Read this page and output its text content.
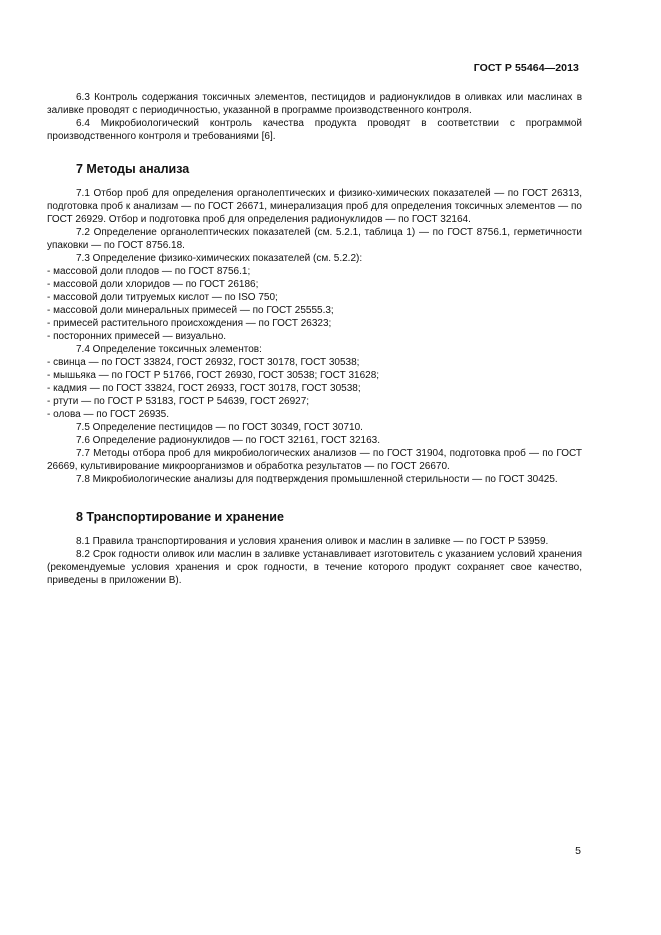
ГОСТ Р 55464—2013

6.3 Контроль содержания токсичных элементов, пестицидов и радионуклидов в оливках или маслинах в заливке проводят с периодичностью, указанной в программе производственного контроля.

6.4 Микробиологический контроль качества продукта проводят в соответствии с программой производственного контроля и требованиями [6].

7 Методы анализа

7.1 Отбор проб для определения органолептических и физико-химических показателей — по ГОСТ 26313, подготовка проб к анализам — по ГОСТ 26671, минерализация проб для определения токсичных элементов — по ГОСТ 26929. Отбор и подготовка проб для определения радионуклидов — по ГОСТ 32164.

7.2 Определение органолептических показателей (см. 5.2.1, таблица 1) — по ГОСТ 8756.1, герметичности упаковки — по ГОСТ 8756.18.

7.3 Определение физико-химических показателей (см. 5.2.2):

- массовой доли плодов — по ГОСТ 8756.1;

- массовой доли хлоридов — по ГОСТ 26186;

- массовой доли титруемых кислот — по ISO 750;

- массовой доли минеральных примесей — по ГОСТ 25555.3;

- примесей растительного происхождения — по ГОСТ 26323;

- посторонних примесей — визуально.

7.4 Определение токсичных элементов:

- свинца — по ГОСТ 33824, ГОСТ 26932, ГОСТ 30178, ГОСТ 30538;

- мышьяка — по ГОСТ Р 51766, ГОСТ 26930, ГОСТ 30538; ГОСТ 31628;

- кадмия — по ГОСТ 33824, ГОСТ 26933, ГОСТ 30178, ГОСТ 30538;

- ртути — по ГОСТ Р 53183, ГОСТ Р 54639, ГОСТ 26927;

- олова — по ГОСТ 26935.

7.5 Определение пестицидов — по ГОСТ 30349, ГОСТ 30710.

7.6 Определение радионуклидов — по ГОСТ 32161, ГОСТ 32163.

7.7 Методы отбора проб для микробиологических анализов — по ГОСТ 31904, подготовка проб — по ГОСТ 26669, культивирование микроорганизмов и обработка результатов — по ГОСТ 26670.

7.8 Микробиологические анализы для подтверждения промышленной стерильности — по ГОСТ 30425.

8 Транспортирование и хранение

8.1 Правила транспортирования и условия хранения оливок и маслин в заливке — по ГОСТ Р 53959.

8.2 Срок годности оливок или маслин в заливке устанавливает изготовитель с указанием условий хранения (рекомендуемые условия хранения и срок годности, в течение которого продукт сохраняет свое качество, приведены в приложении В).

5
